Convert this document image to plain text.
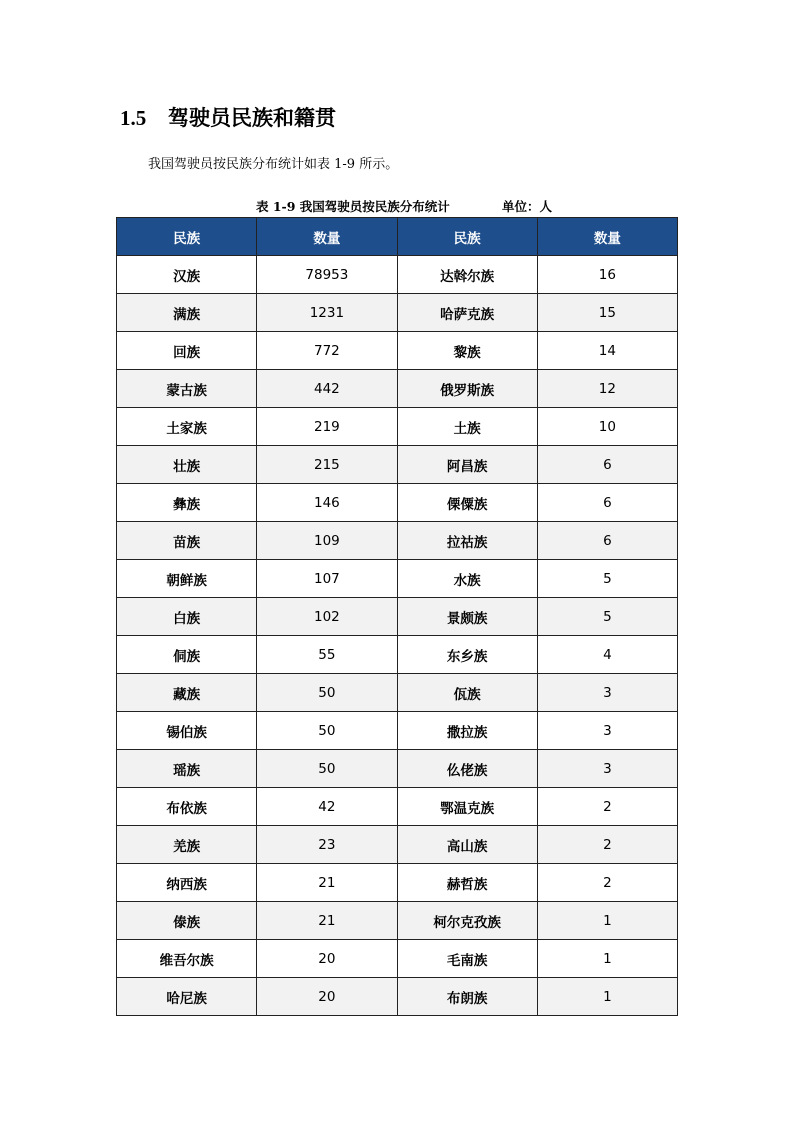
1.5 驾驶员民族和籍贯
我国驾驶员按民族分布统计如表 1-9 所示。
表 1-9 我国驾驶员按民族分布统计	单位：人
民族	数量	民族	数量
汉族	78953	达斡尔族	16
满族	1231	哈萨克族	15
回族	772	黎族	14
蒙古族	442	俄罗斯族	12
土家族	219	土族	10
壮族	215	阿昌族	6
彝族	146	傈僳族	6
苗族	109	拉祜族	6
朝鲜族	107	水族	5
白族	102	景颇族	5
侗族	55	东乡族	4
藏族	50	佤族	3
锡伯族	50	撒拉族	3
瑶族	50	仫佬族	3
布依族	42	鄂温克族	2
羌族	23	高山族	2
纳西族	21	赫哲族	2
傣族	21	柯尔克孜族	1
维吾尔族	20	毛南族	1
哈尼族	20	布朗族	1
